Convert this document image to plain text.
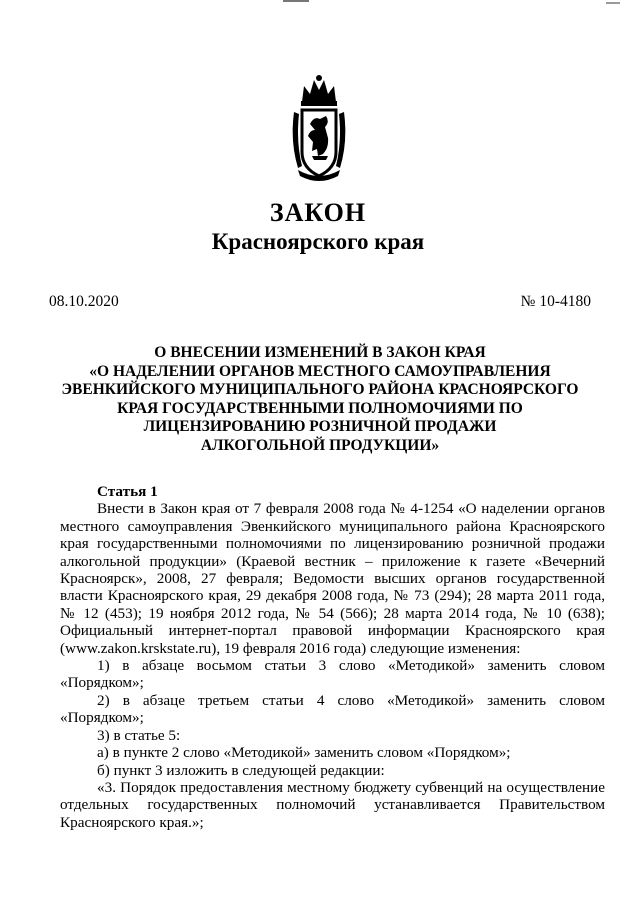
ЗАКОН
Красноярского края
08.10.2020	№ 10-4180
О ВНЕСЕНИИ ИЗМЕНЕНИЙ В ЗАКОН КРАЯ
«О НАДЕЛЕНИИ ОРГАНОВ МЕСТНОГО САМОУПРАВЛЕНИЯ
ЭВЕНКИЙСКОГО МУНИЦИПАЛЬНОГО РАЙОНА КРАСНОЯРСКОГО
КРАЯ ГОСУДАРСТВЕННЫМИ ПОЛНОМОЧИЯМИ ПО
ЛИЦЕНЗИРОВАНИЮ РОЗНИЧНОЙ ПРОДАЖИ
АЛКОГОЛЬНОЙ ПРОДУКЦИИ»

Статья 1

Внести в Закон края от 7 февраля 2008 года № 4-1254 «О наделении органов местного самоуправления Эвенкийского муниципального района Красноярского края государственными полномочиями по лицензированию розничной продажи алкогольной продукции» (Краевой вестник – приложение к газете «Вечерний Красноярск», 2008, 27 февраля; Ведомости высших органов государственной власти Красноярского края, 29 декабря 2008 года, № 73 (294); 28 марта 2011 года, № 12 (453); 19 ноября 2012 года, № 54 (566); 28 марта 2014 года, № 10 (638); Официальный интернет-портал правовой информации Красноярского края (www.zakon.krskstate.ru), 19 февраля 2016 года) следующие изменения:

1) в абзаце восьмом статьи 3 слово «Методикой» заменить словом «Порядком»;

2) в абзаце третьем статьи 4 слово «Методикой» заменить словом «Порядком»;

3) в статье 5:

а) в пункте 2 слово «Методикой» заменить словом «Порядком»;

б) пункт 3 изложить в следующей редакции:

«3. Порядок предоставления местному бюджету субвенций на осуществление отдельных государственных полномочий устанавливается Правительством Красноярского края.»;
